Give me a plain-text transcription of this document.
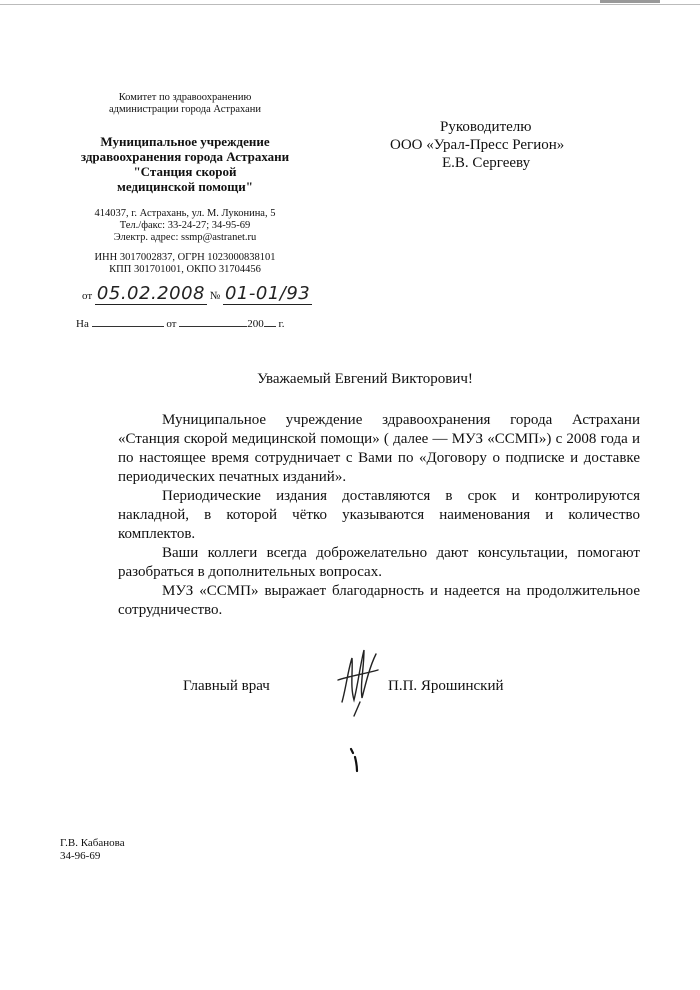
Комитет по здравоохранению
администрации города Астрахани
Муниципальное учреждение
здравоохранения города Астрахани
"Станция скорой
медицинской помощи"
414037, г. Астрахань, ул. М. Луконина, 5
Тел./факс: 33-24-27; 34-95-69
Электр. адрес: ssmp@astranet.ru
ИНН 3017002837, ОГРН 1023000838101
КПП 301701001, ОКПО 31704456
от 05.02.2008 № 01-01/93
На	от	200 г.
Руководителю
ООО «Урал-Пресс Регион»
Е.В. Сергееву
Уважаемый Евгений Викторович!

Муниципальное учреждение здравоохранения города Астрахани «Станция скорой медицинской помощи» ( далее — МУЗ «ССМП») с 2008 года и по настоящее время сотрудничает с Вами по «Договору о подписке и доставке периодических печатных изданий».

Периодические издания доставляются в срок и контролируются накладной, в которой чётко указываются наименования и количество комплектов.

Ваши коллеги всегда доброжелательно дают консультации, помогают разобраться в дополнительных вопросах.

МУЗ «ССМП» выражает благодарность и надеется на продолжительное сотрудничество.

Главный врач	П.П. Ярошинский
Г.В. Кабанова
34-96-69
